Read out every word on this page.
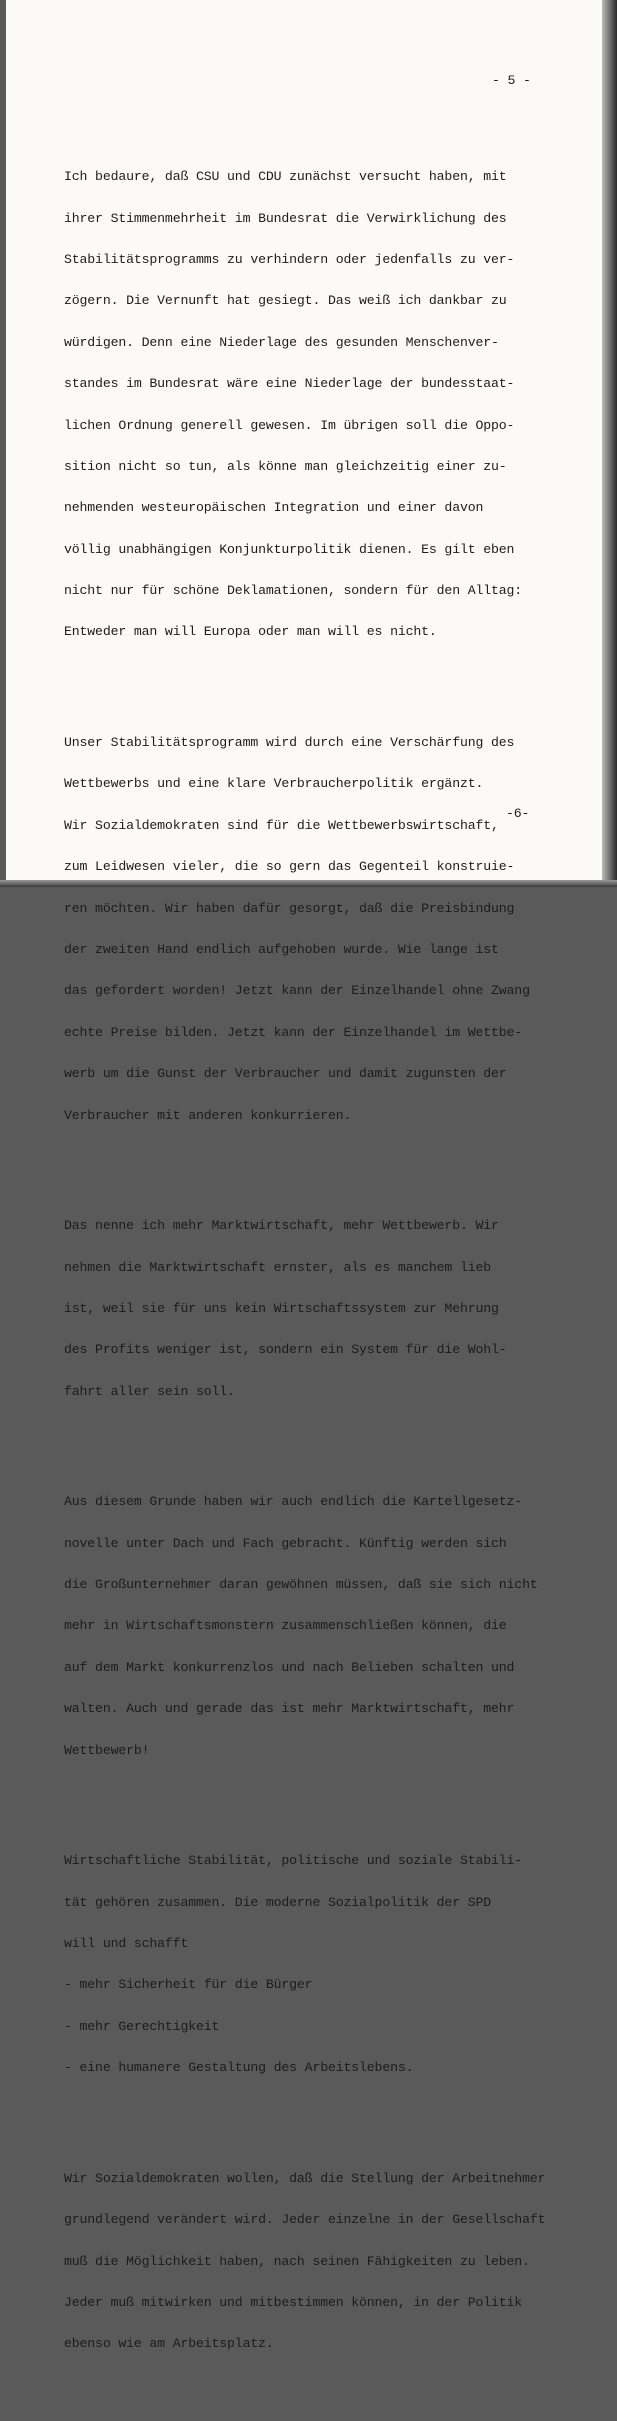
- 5 -

Ich bedaure, daß CSU und CDU zunächst versucht haben, mit

ihrer Stimmenmehrheit im Bundesrat die Verwirklichung des

Stabilitätsprogramms zu verhindern oder jedenfalls zu ver-

zögern. Die Vernunft hat gesiegt. Das weiß ich dankbar zu

würdigen. Denn eine Niederlage des gesunden Menschenver-

standes im Bundesrat wäre eine Niederlage der bundesstaat-

lichen Ordnung generell gewesen. Im übrigen soll die Oppo-

sition nicht so tun, als könne man gleichzeitig einer zu-

nehmenden westeuropäischen Integration und einer davon

völlig unabhängigen Konjunkturpolitik dienen. Es gilt eben

nicht nur für schöne Deklamationen, sondern für den Alltag:

Entweder man will Europa oder man will es nicht.

Unser Stabilitätsprogramm wird durch eine Verschärfung des

Wettbewerbs und eine klare Verbraucherpolitik ergänzt.

Wir Sozialdemokraten sind für die Wettbewerbswirtschaft,

zum Leidwesen vieler, die so gern das Gegenteil konstruie-

ren möchten. Wir haben dafür gesorgt, daß die Preisbindung

der zweiten Hand endlich aufgehoben wurde. Wie lange ist

das gefordert worden! Jetzt kann der Einzelhandel ohne Zwang

echte Preise bilden. Jetzt kann der Einzelhandel im Wettbe-

werb um die Gunst der Verbraucher und damit zugunsten der

Verbraucher mit anderen konkurrieren.

Das nenne ich mehr Marktwirtschaft, mehr Wettbewerb. Wir

nehmen die Marktwirtschaft ernster, als es manchem lieb

ist, weil sie für uns kein Wirtschaftssystem zur Mehrung

des Profits weniger ist, sondern ein System für die Wohl-

fahrt aller sein soll.

Aus diesem Grunde haben wir auch endlich die Kartellgesetz-

novelle unter Dach und Fach gebracht. Künftig werden sich

die Großunternehmer daran gewöhnen müssen, daß sie sich nicht

mehr in Wirtschaftsmonstern zusammenschließen können, die

auf dem Markt konkurrenzlos und nach Belieben schalten und

walten. Auch und gerade das ist mehr Marktwirtschaft, mehr

Wettbewerb!

Wirtschaftliche Stabilität, politische und soziale Stabili-

tät gehören zusammen. Die moderne Sozialpolitik der SPD

will und schafft

- mehr Sicherheit für die Bürger

- mehr Gerechtigkeit

- eine humanere Gestaltung des Arbeitslebens.

Wir Sozialdemokraten wollen, daß die Stellung der Arbeitnehmer

grundlegend verändert wird. Jeder einzelne in der Gesellschaft

muß die Möglichkeit haben, nach seinen Fähigkeiten zu leben.

Jeder muß mitwirken und mitbestimmen können, in der Politik

ebenso wie am Arbeitsplatz.

-6-
